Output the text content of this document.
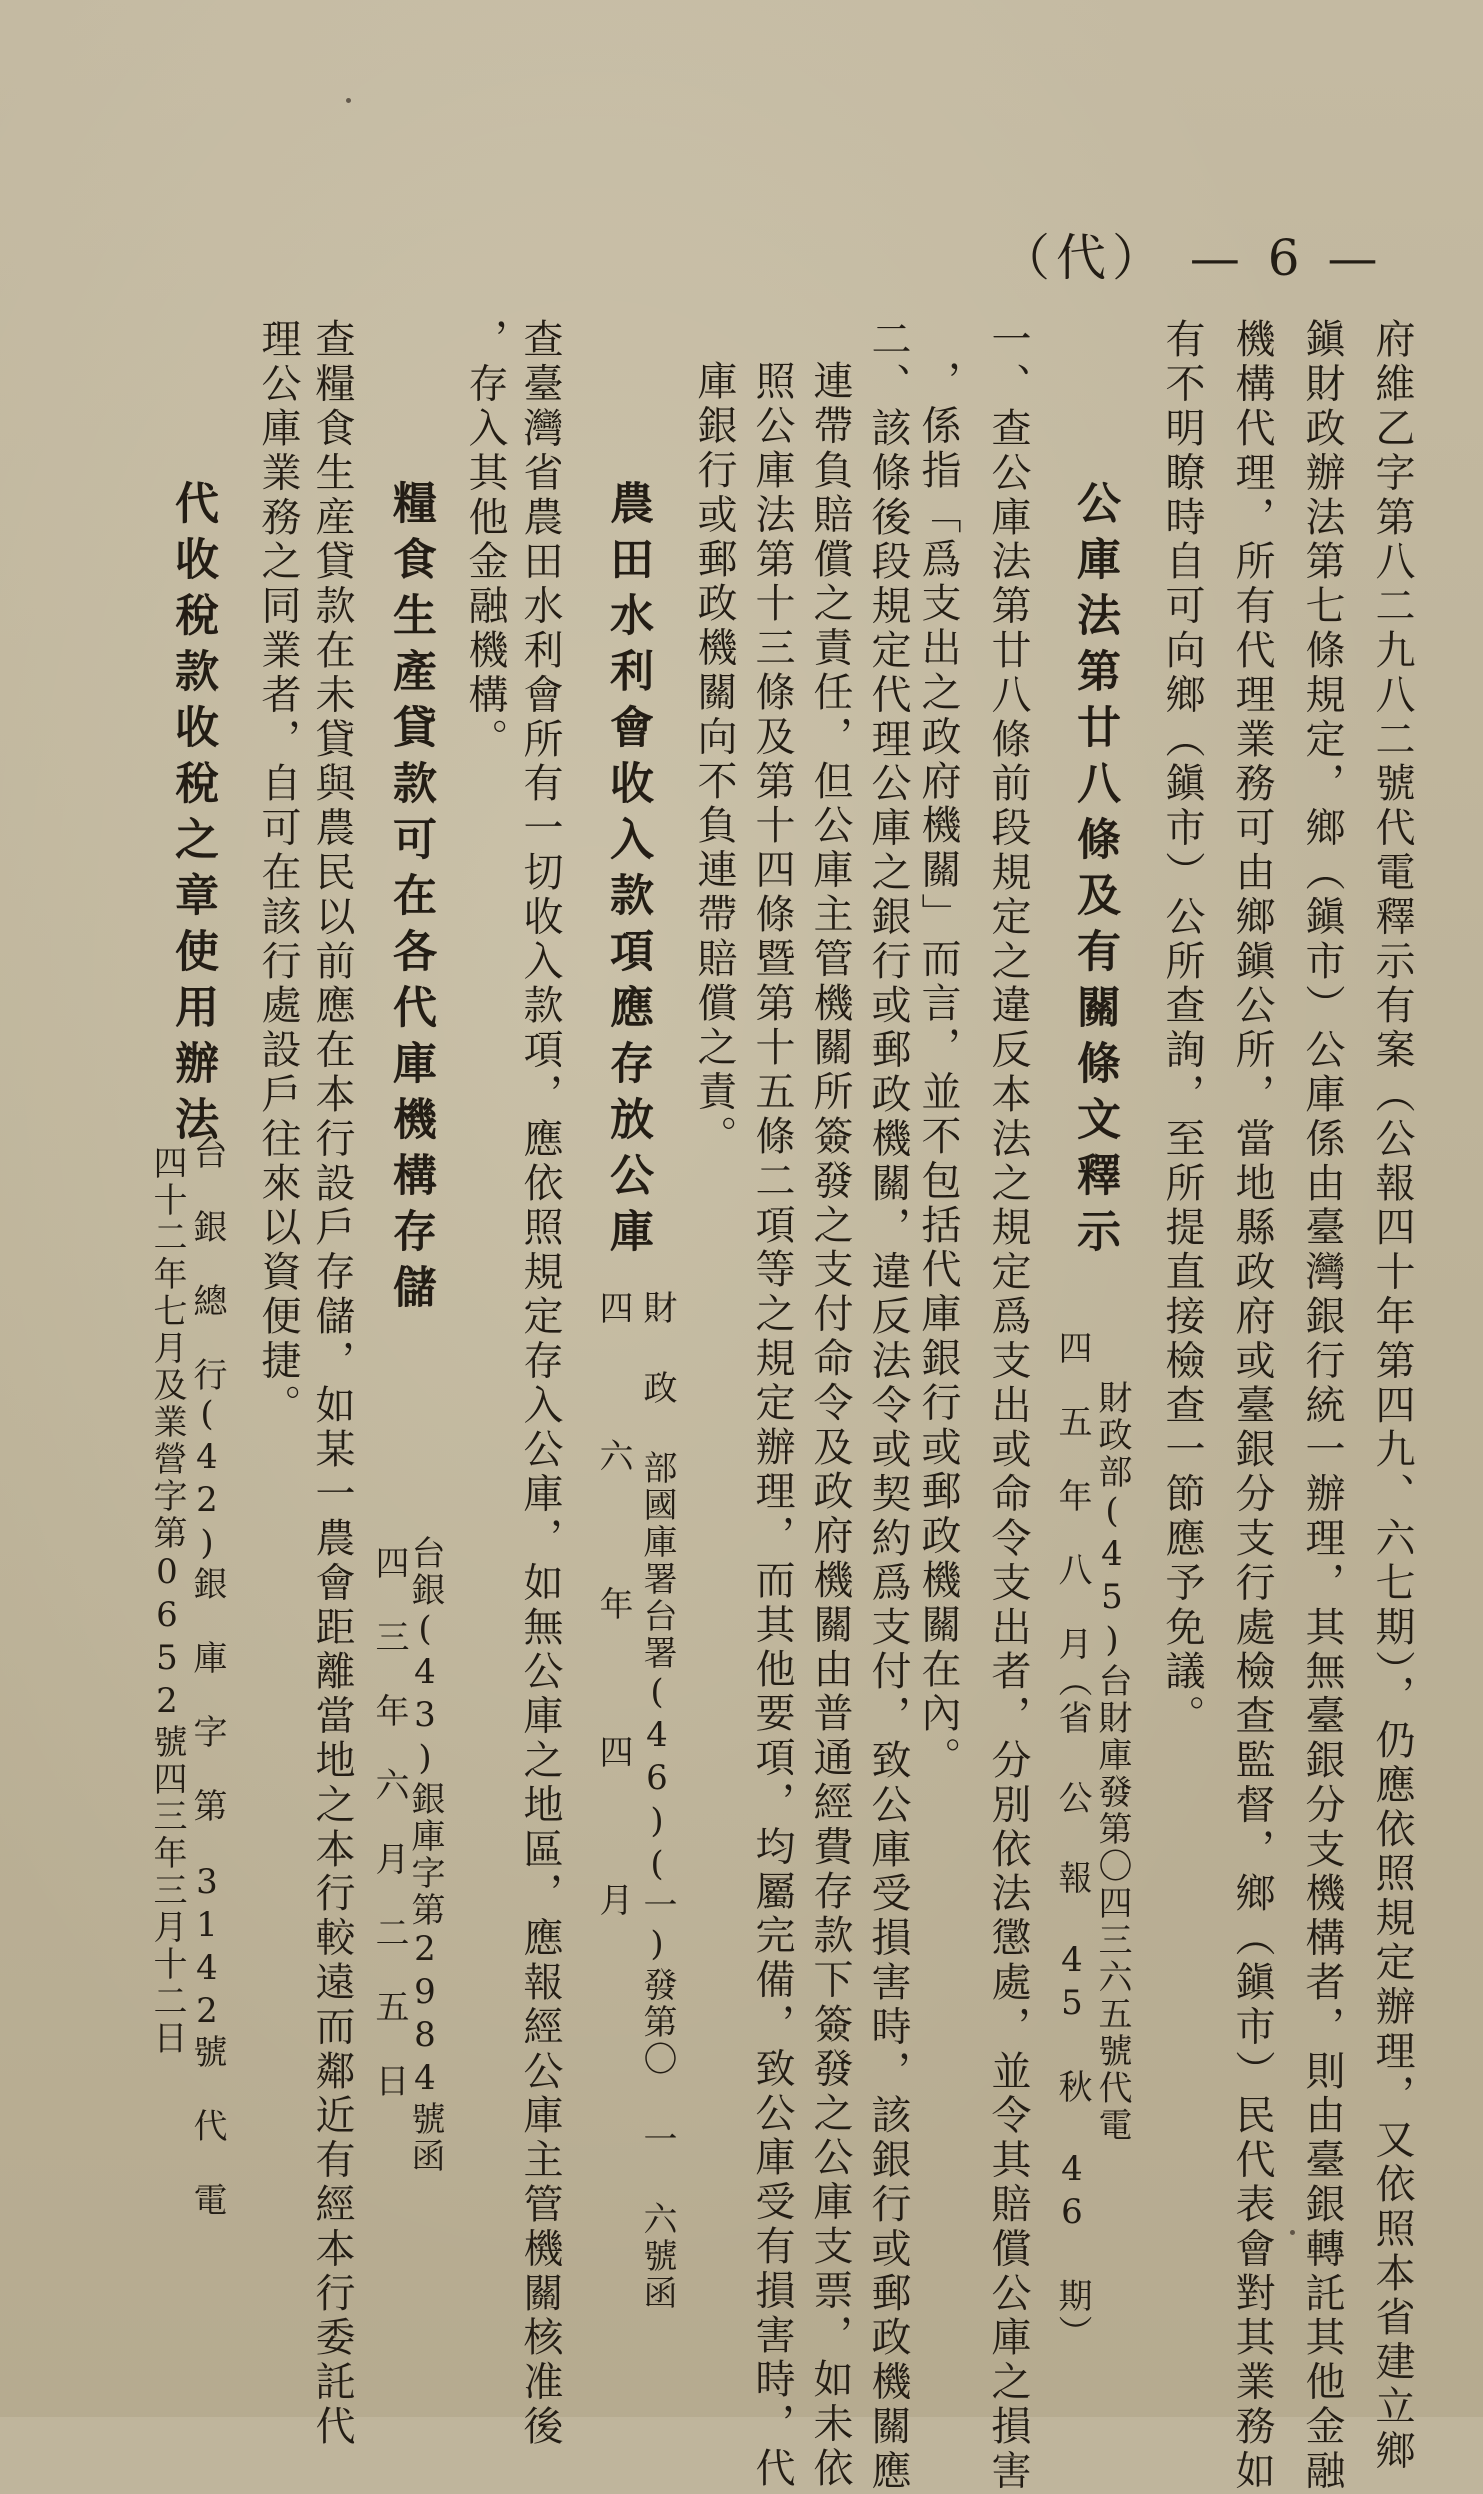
（代） — 6 —
府維乙字第八二九八二號代電釋示有案（公報四十年第四九、六七期），仍應依照規定辦理，又依照本省建立鄉
鎭財政辦法第七條規定，鄉（鎭市）公庫係由臺灣銀行統一辦理，其無臺銀分支機構者，則由臺銀轉託其他金融
機構代理，所有代理業務可由鄉鎭公所，當地縣政府或臺銀分支行處檢查監督，鄉（鎭市）民代表會對其業務如
有不明瞭時自可向鄉（鎭市）公所查詢，至所提直接檢查一節應予免議。
公庫法第廿八條及有關條文釋示
財政部(45)台財庫發第〇四三六五號代電
四　五　年　八　月（省 公 報 45 秋 46 期）
一、查公庫法第廿八條前段規定之違反本法之規定爲支出或命令支出者，分別依法懲處，並令其賠償公庫之損害
，係指「爲支出之政府機關」而言，並不包括代庫銀行或郵政機關在內。
二、該條後段規定代理公庫之銀行或郵政機關，違反法令或契約爲支付，致公庫受損害時，該銀行或郵政機關應
連帶負賠償之責任，但公庫主管機關所簽發之支付命令及政府機關由普通經費存款下簽發之公庫支票，如未依
照公庫法第十三條及第十四條暨第十五條二項等之規定辦理，而其他要項，均屬完備，致公庫受有損害時，代
庫銀行或郵政機關向不負連帶賠償之責。
農田水利會收入款項應存放公庫
財 政 部國庫署台署(46)(一)發第〇 一 六號函
四　　　六　　　年　　　四　　　月
查臺灣省農田水利會所有一切收入款項，應依照規定存入公庫，如無公庫之地區，應報經公庫主管機關核准後
，存入其他金融機構。
糧食生產貸款可在各代庫機構存儲
台銀(43)銀庫字第2984號函
四　三　年　六　月　二　五　日
查糧食生産貸款在未貸與農民以前應在本行設戶存儲，如某一農會距離當地之本行較遠而鄰近有經本行委託代
理公庫業務之同業者，自可在該行處設戶往來以資便捷。
代收稅款收稅之章使用辦法
台　銀　總　行(42)銀　庫　字　第　3142號　代　電
四十二年七月及業營字第0652號四三年三月十二日
